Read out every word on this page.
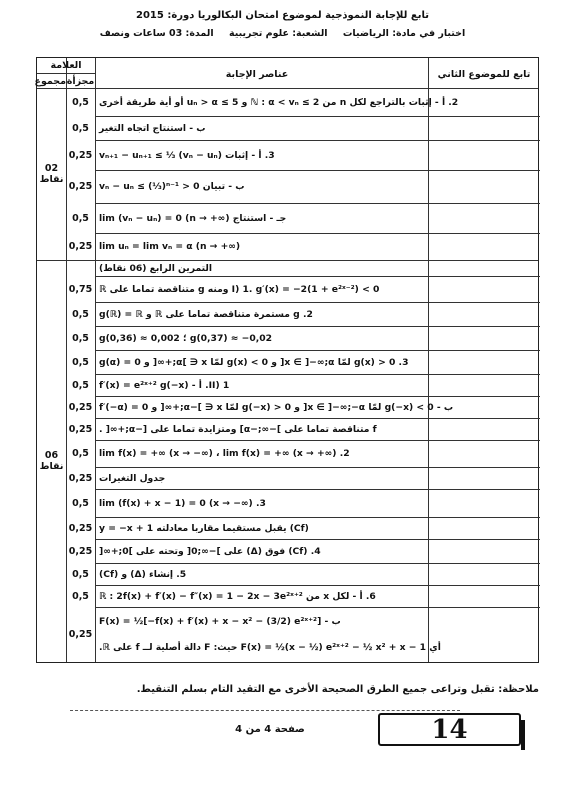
تابع للإجابة النموذجية لموضوع امتحان البكالوريا دورة: 2015
اختبار في مادة: الرياضيات الشعبة: علوم تجريبية المدة: 03 ساعات ونصف
العلامة
مجزأة
مجموع
عناصر الإجابة	تابع للموضوع الثاني
2. أ - إثبات بالتراجع لكل n من ℕ : α < vₙ ≤ 2 و 5 ≥ uₙ > α أو أية طريقة أخرى
0,5
ب - استنتاج اتجاه التغير
0,5
3. أ - إثبات vₙ₊₁ − uₙ₊₁ ≤ ⅓ (vₙ − uₙ)
0,25
ب - تبيان 0 < vₙ − uₙ ≤ (⅓)ⁿ⁻¹
0,25
جـ - استنتاج lim (vₙ − uₙ) = 0 (n → +∞)
0,5
lim uₙ = lim vₙ = α (n → +∞)
0,25
02
نقاط
التمرين الرابع (06 نقاط)
I) 1. g′(x) = −2(1 + e²ˣ⁻²) < 0 ومنه g متناقصة تماما على ℝ
0,75
2. g مستمرة متناقصة تماما على ℝ و g(ℝ) = ℝ
0,5
g(0,37) ≈ −0,02 ؛ g(0,36) ≈ 0,002
0,5
3. g(x) > 0 لمّا x ∈ ]−∞;α[ و g(x) < 0 لمّا x ∈ ]α;+∞[ و g(α) = 0
0,5
II) 1. أ - f′(x) = e²ˣ⁺² g(−x)
0,5
ب - g(−x) < 0 لمّا x ∈ ]−∞;−α[ و g(−x) > 0 لمّا x ∈ ]−α;+∞[ و f′(−α) = 0
0,25
f متناقصة تماما على ]−∞;−α] ومتزايدة تماما على [−α;+∞[ .
0,25
2. lim f(x) = +∞ (x → −∞) ، lim f(x) = +∞ (x → +∞)
0,5
جدول التغيرات
0,25
3. lim (f(x) + x − 1) = 0 (x → −∞)
0,5
(Cf) يقبل مستقيما مقاربا معادلته y = −x + 1
0,25
4. (Cf) فوق (Δ) على ]−∞;0[ وتحته على ]0;+∞[
0,25
5. إنشاء (Δ) و (Cf)
0,5
6. أ - لكل x من ℝ : 2f(x) + f′(x) − f″(x) = 1 − 2x − 3e²ˣ⁺²
0,5
ب - F(x) = ½[−f(x) + f′(x) + x − x² − (3/2) e²ˣ⁺²]
أي F(x) = ½(x − ½) e²ˣ⁺² − ½ x² + x − 1 حيث: F دالة أصلية لــ f على ℝ.
0,25
06
نقاط
ملاحظة: تقبل وتراعى جميع الطرق الصحيحة الأخرى مع التقيد التام بسلم التنقيط.
صفحة 4 من 4	14
